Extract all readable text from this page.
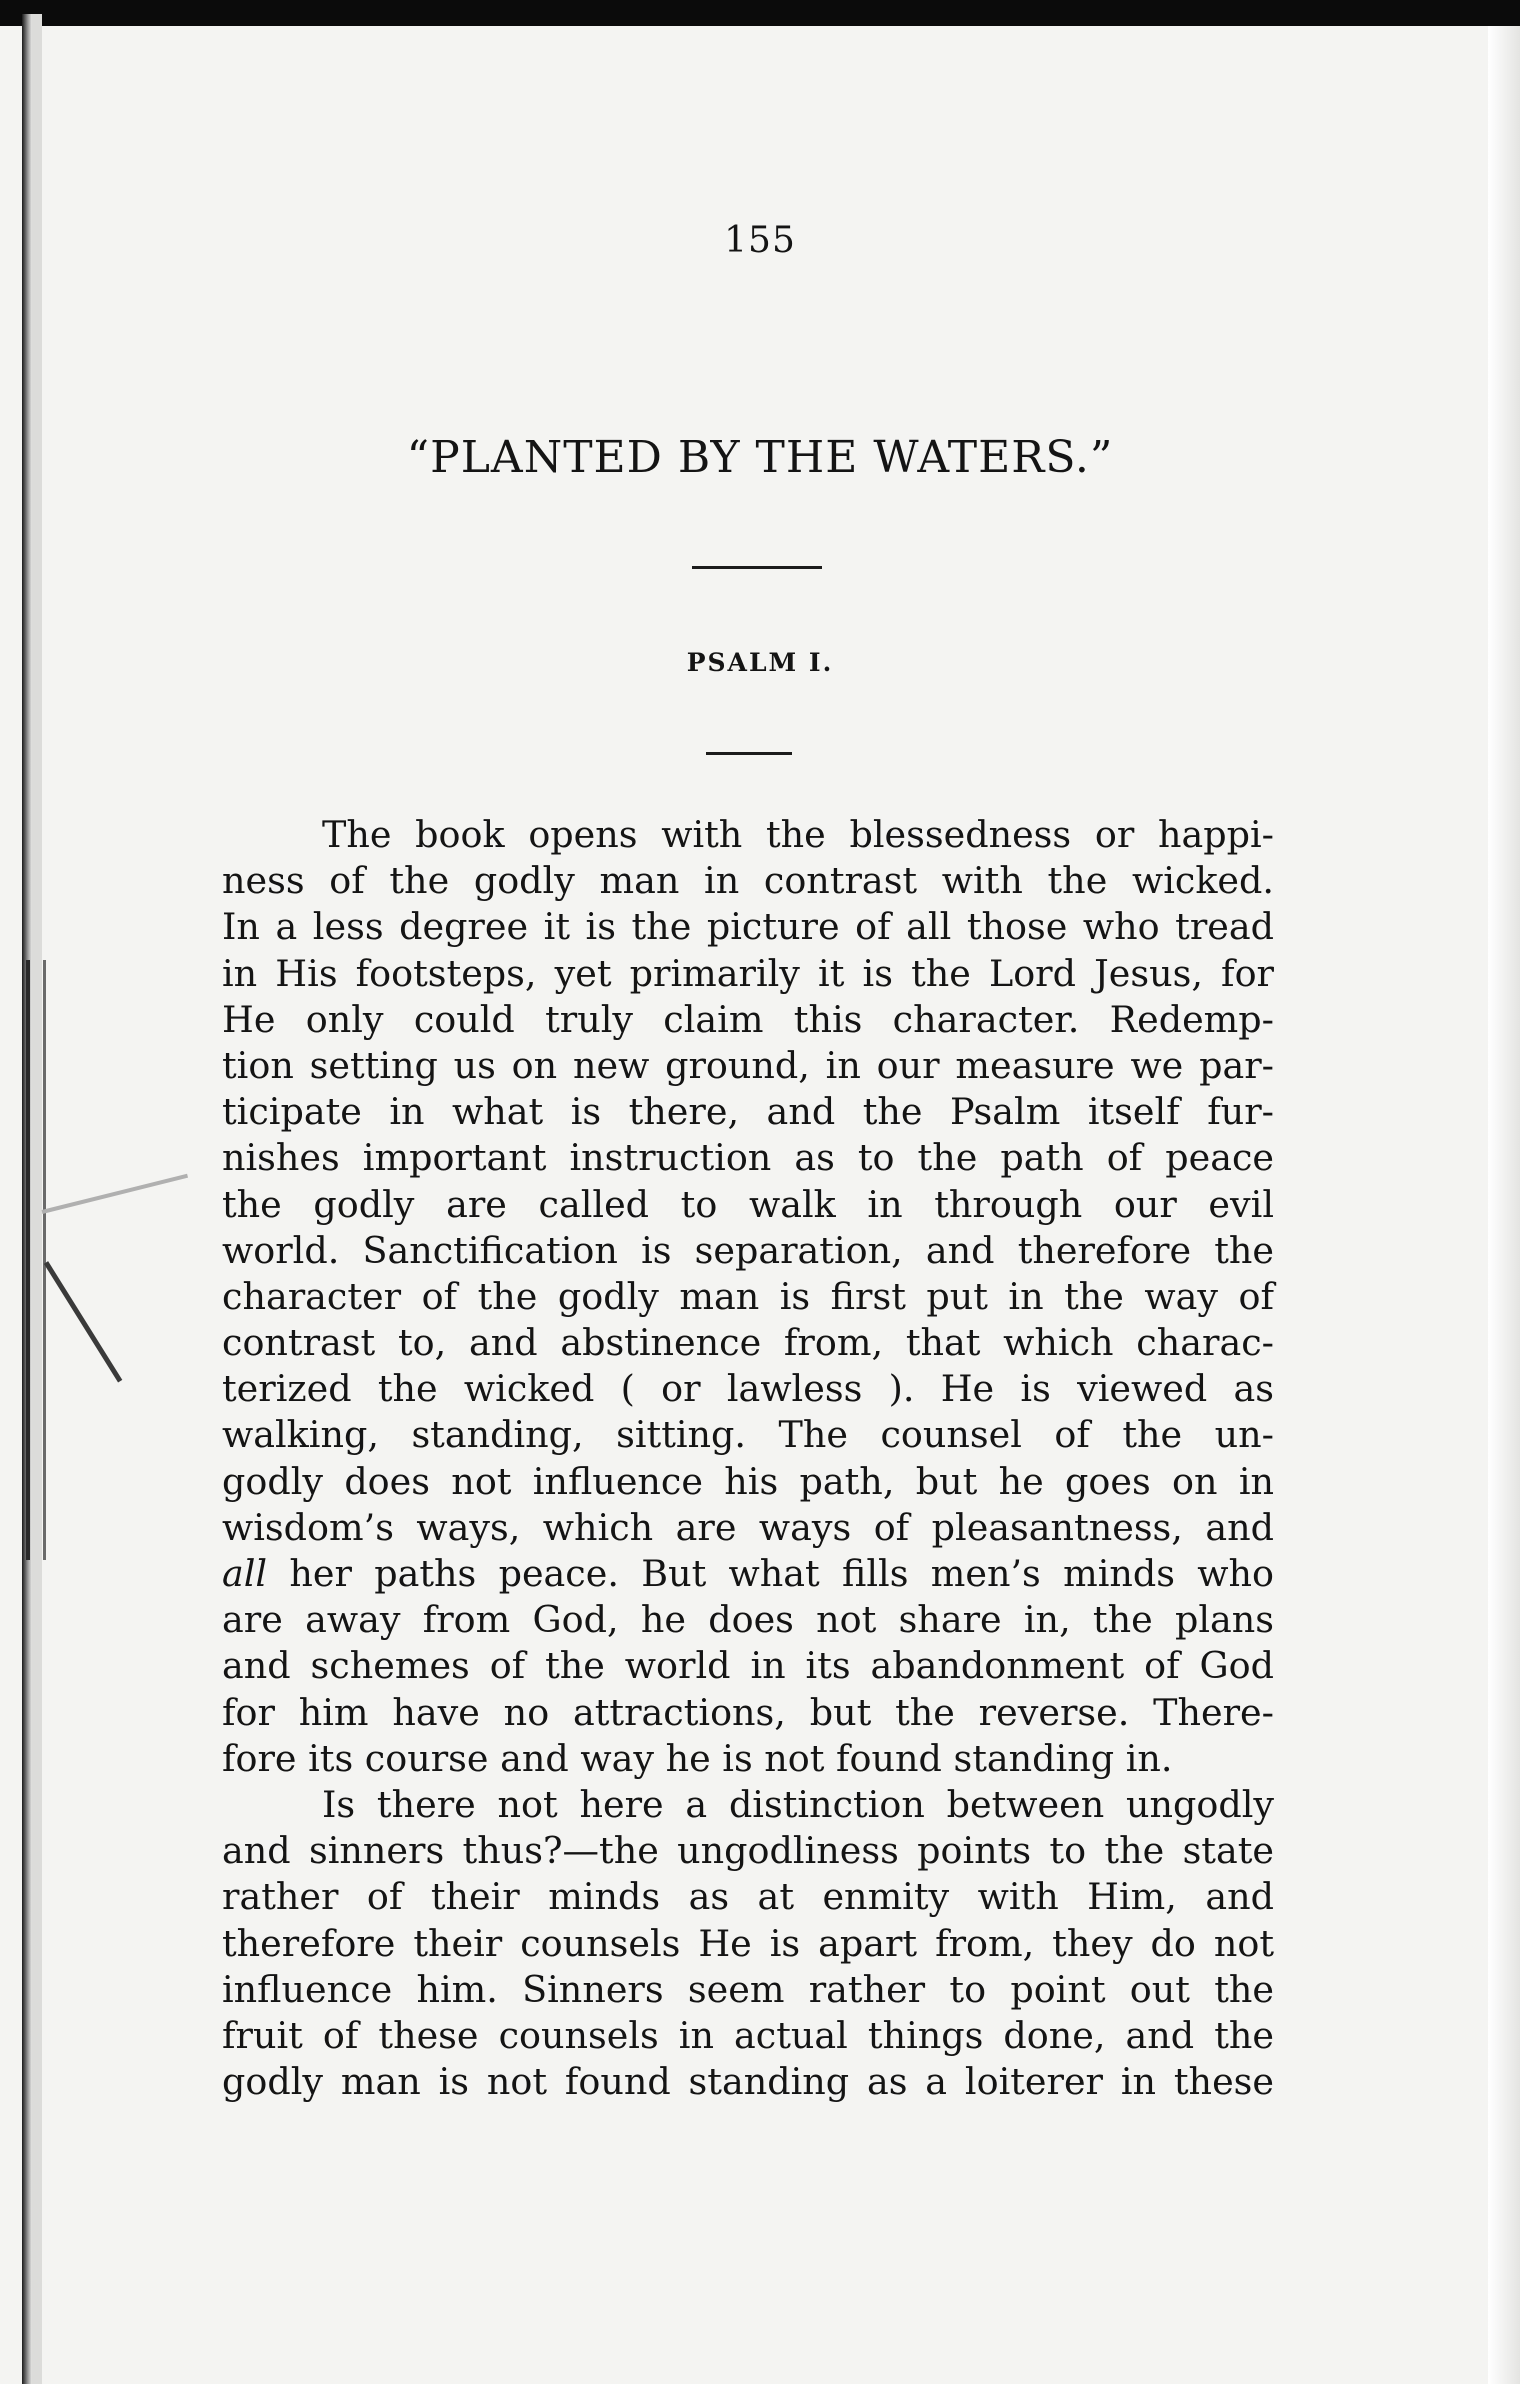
155
“PLANTED BY THE WATERS.”
PSALM I.
The book opens with the blessedness or happi-
ness of the godly man in contrast with the wicked.
In a less degree it is the picture of all those who tread
in His footsteps, yet primarily it is the Lord Jesus, for
He only could truly claim this character. Redemp-
tion setting us on new ground, in our measure we par-
ticipate in what is there, and the Psalm itself fur-
nishes important instruction as to the path of peace
the godly are called to walk in through our evil
world. Sanctification is separation, and therefore the
character of the godly man is first put in the way of
contrast to, and abstinence from, that which charac-
terized the wicked ( or lawless ). He is viewed as
walking, standing, sitting. The counsel of the un-
godly does not influence his path, but he goes on in
wisdom’s ways, which are ways of pleasantness, and
all her paths peace. But what fills men’s minds who
are away from God, he does not share in, the plans
and schemes of the world in its abandonment of God
for him have no attractions, but the reverse. There-
fore its course and way he is not found standing in.
Is there not here a distinction between ungodly
and sinners thus?—the ungodliness points to the state
rather of their minds as at enmity with Him, and
therefore their counsels He is apart from, they do not
influence him. Sinners seem rather to point out the
fruit of these counsels in actual things done, and the
godly man is not found standing as a loiterer in these
